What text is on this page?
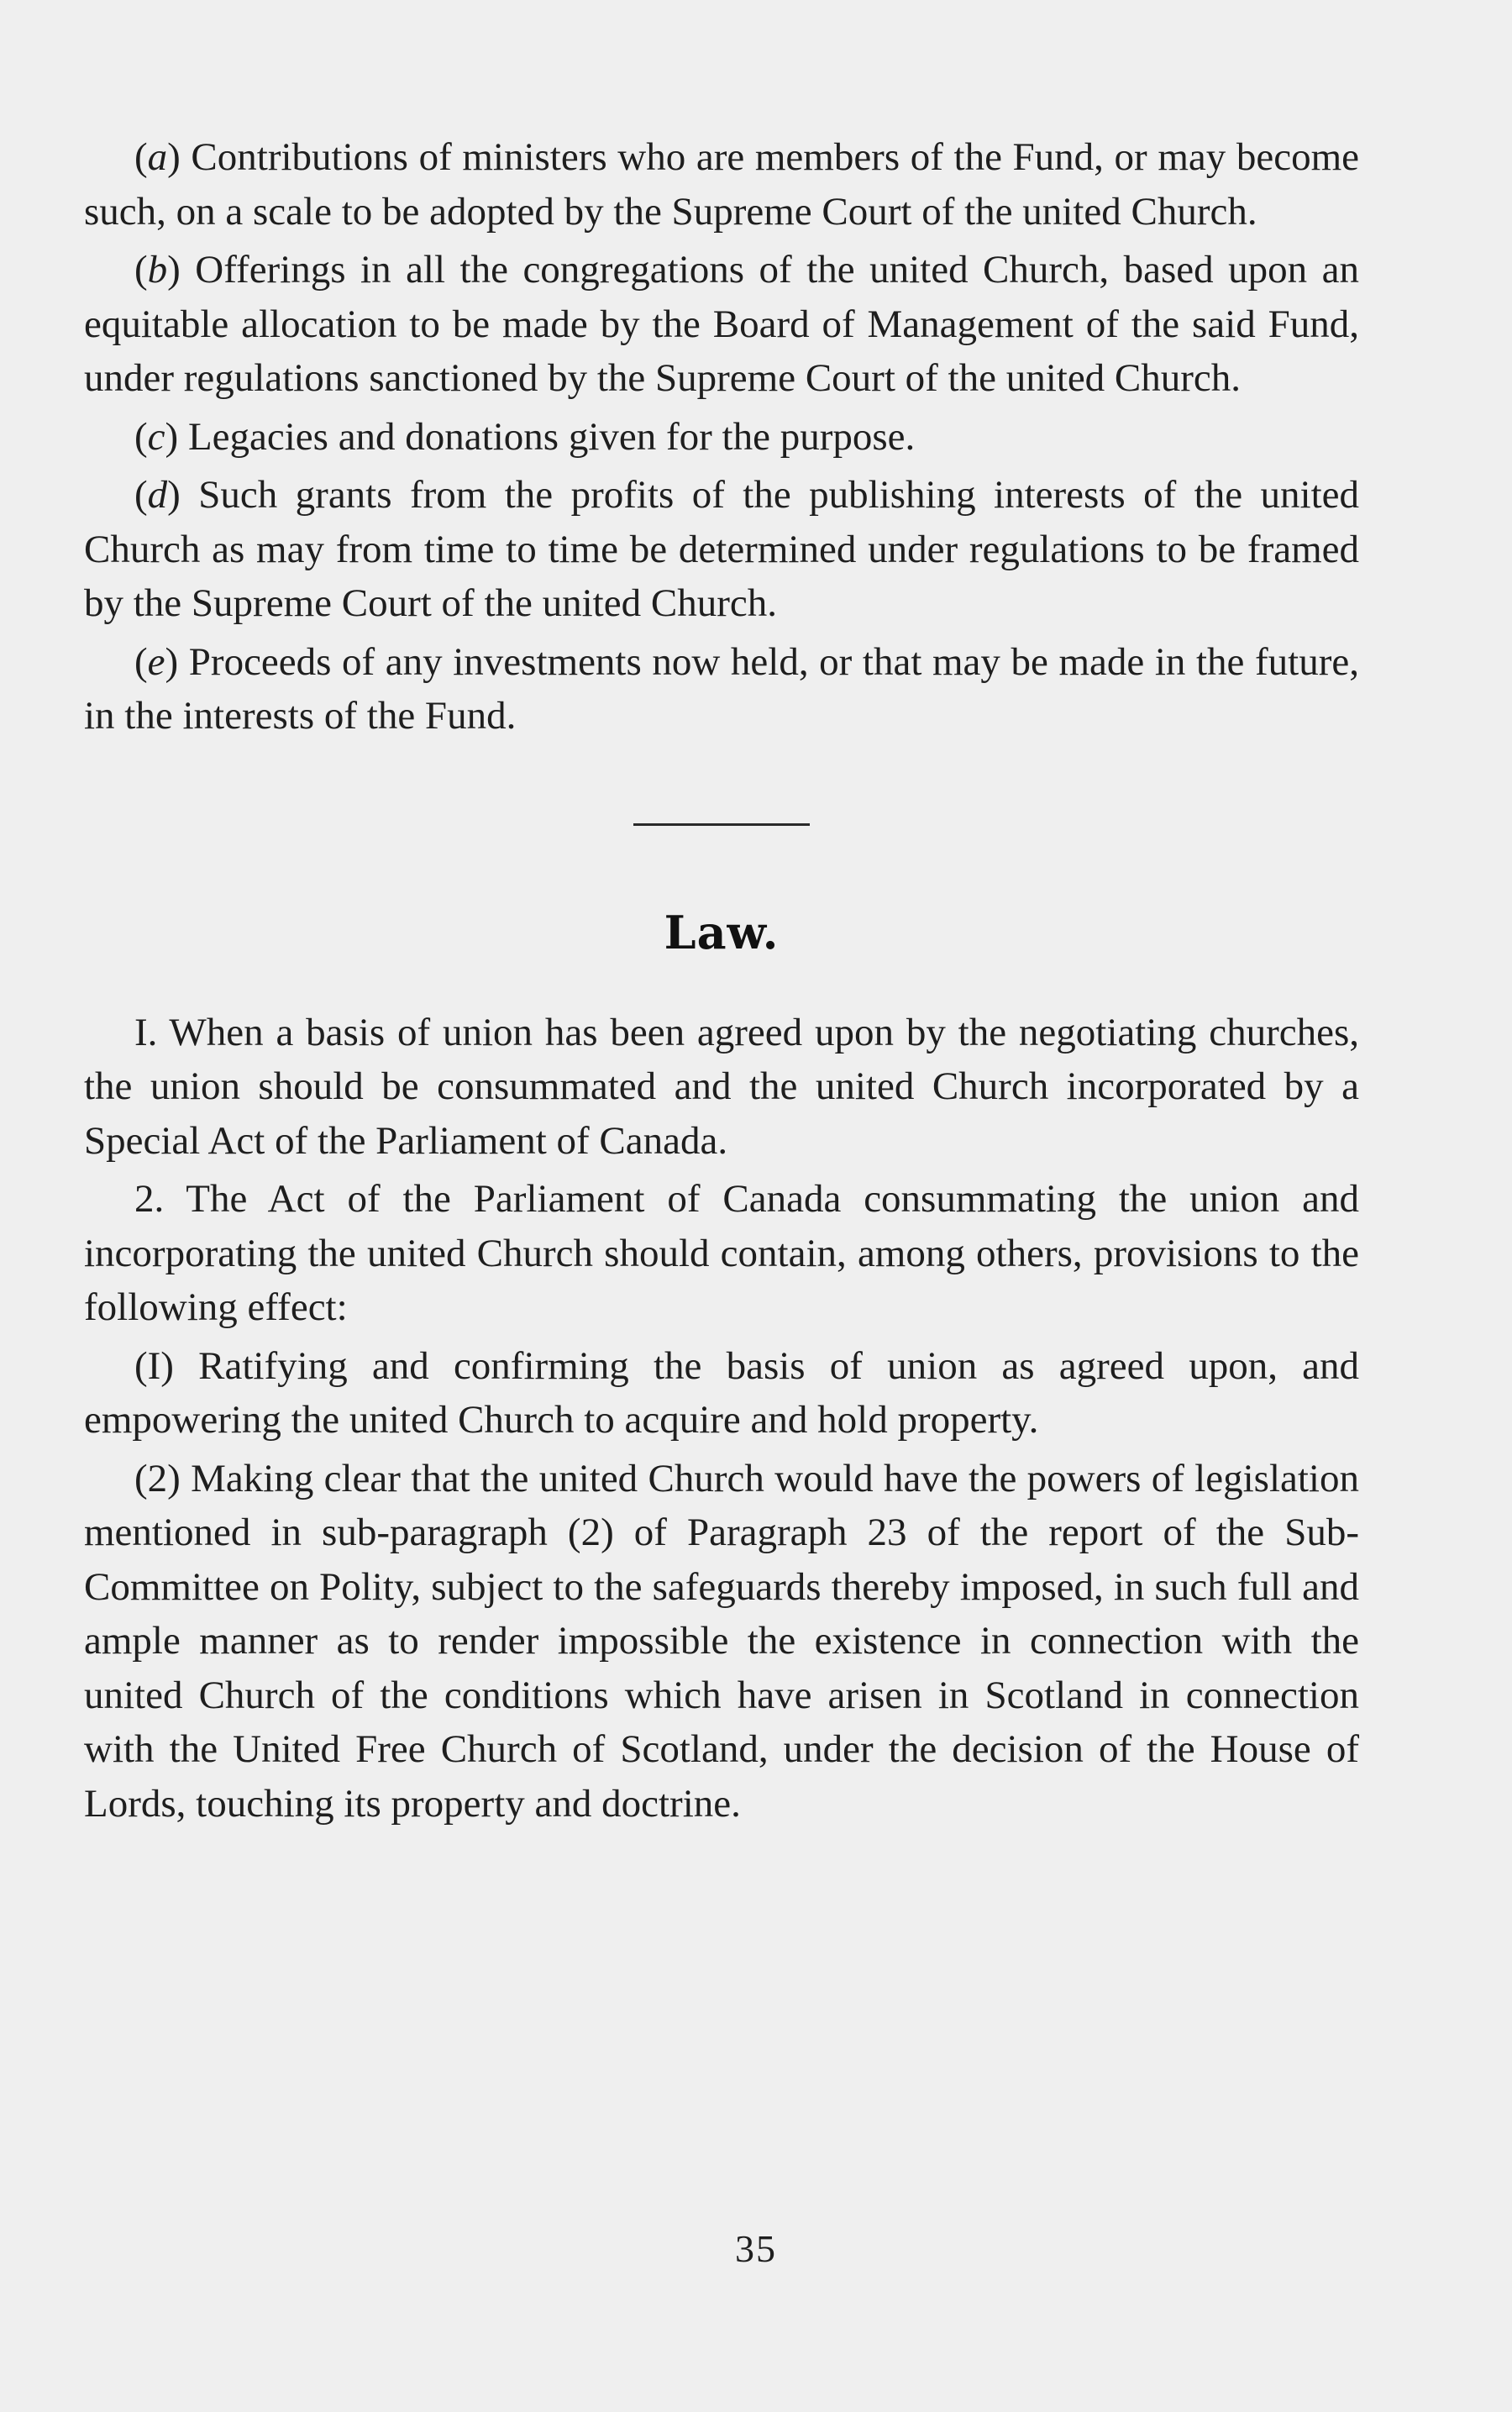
(a) Contributions of ministers who are members of the Fund, or may become such, on a scale to be adopted by the Supreme Court of the united Church.

(b) Offerings in all the congregations of the united Church, based upon an equitable allocation to be made by the Board of Management of the said Fund, under regulations sanctioned by the Supreme Court of the united Church.

(c) Legacies and donations given for the purpose.

(d) Such grants from the profits of the publishing interests of the united Church as may from time to time be determined under regulations to be framed by the Supreme Court of the united Church.

(e) Proceeds of any investments now held, or that may be made in the future, in the interests of the Fund.

Law.

I. When a basis of union has been agreed upon by the negotiating churches, the union should be consummated and the united Church incorporated by a Special Act of the Parliament of Canada.

2. The Act of the Parliament of Canada consummating the union and incorporating the united Church should contain, among others, provisions to the following effect:

(I) Ratifying and confirming the basis of union as agreed upon, and empowering the united Church to acquire and hold property.

(2) Making clear that the united Church would have the powers of legislation mentioned in sub-paragraph (2) of Paragraph 23 of the report of the Sub-Committee on Polity, subject to the safeguards thereby imposed, in such full and ample manner as to render impossible the existence in connection with the united Church of the conditions which have arisen in Scotland in connection with the United Free Church of Scotland, under the decision of the House of Lords, touching its property and doctrine.

35
